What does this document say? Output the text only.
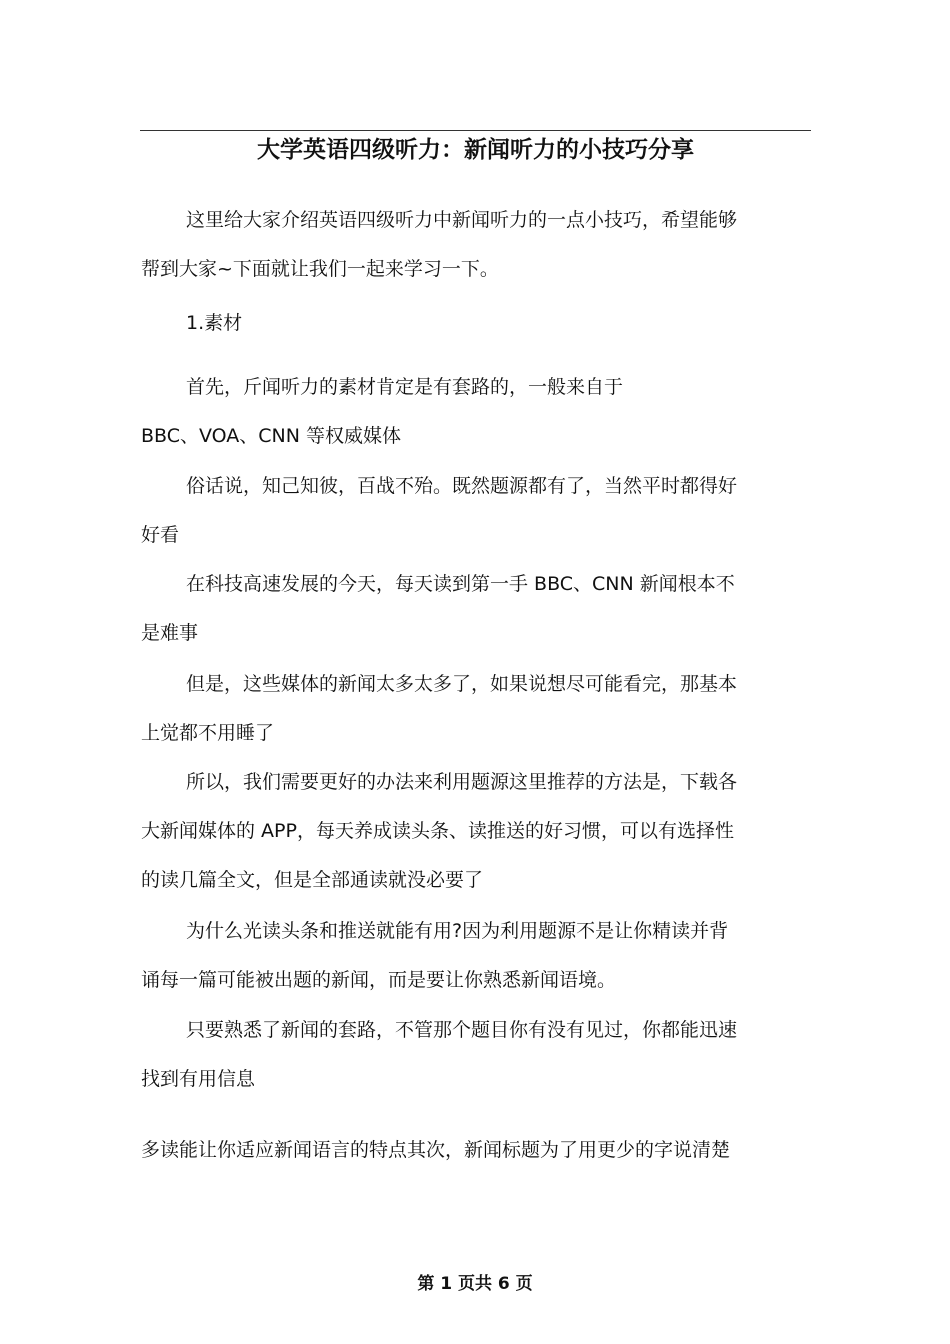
大学英语四级听力：新闻听力的小技巧分享

这里给大家介绍英语四级听力中新闻听力的一点小技巧，希望能够
帮到大家~下面就让我们一起来学习一下。

1.素材

首先，斤闻听力的素材肯定是有套路的，一般来自于
BBC、VOA、CNN 等权威媒体

俗话说，知己知彼，百战不殆。既然题源都有了，当然平时都得好
好看

在科技高速发展的今天，每天读到第一手 BBC、CNN 新闻根本不
是难事

但是，这些媒体的新闻太多太多了，如果说想尽可能看完，那基本
上觉都不用睡了

所以，我们需要更好的办法来利用题源这里推荐的方法是，下载各
大新闻媒体的 APP，每天养成读头条、读推送的好习惯，可以有选择性
的读几篇全文，但是全部通读就没必要了

为什么光读头条和推送就能有用?因为利用题源不是让你精读并背
诵每一篇可能被出题的新闻，而是要让你熟悉新闻语境。

只要熟悉了新闻的套路，不管那个题目你有没有见过，你都能迅速
找到有用信息

多读能让你适应新闻语言的特点其次，新闻标题为了用更少的字说清楚

第 1 页共 6 页
